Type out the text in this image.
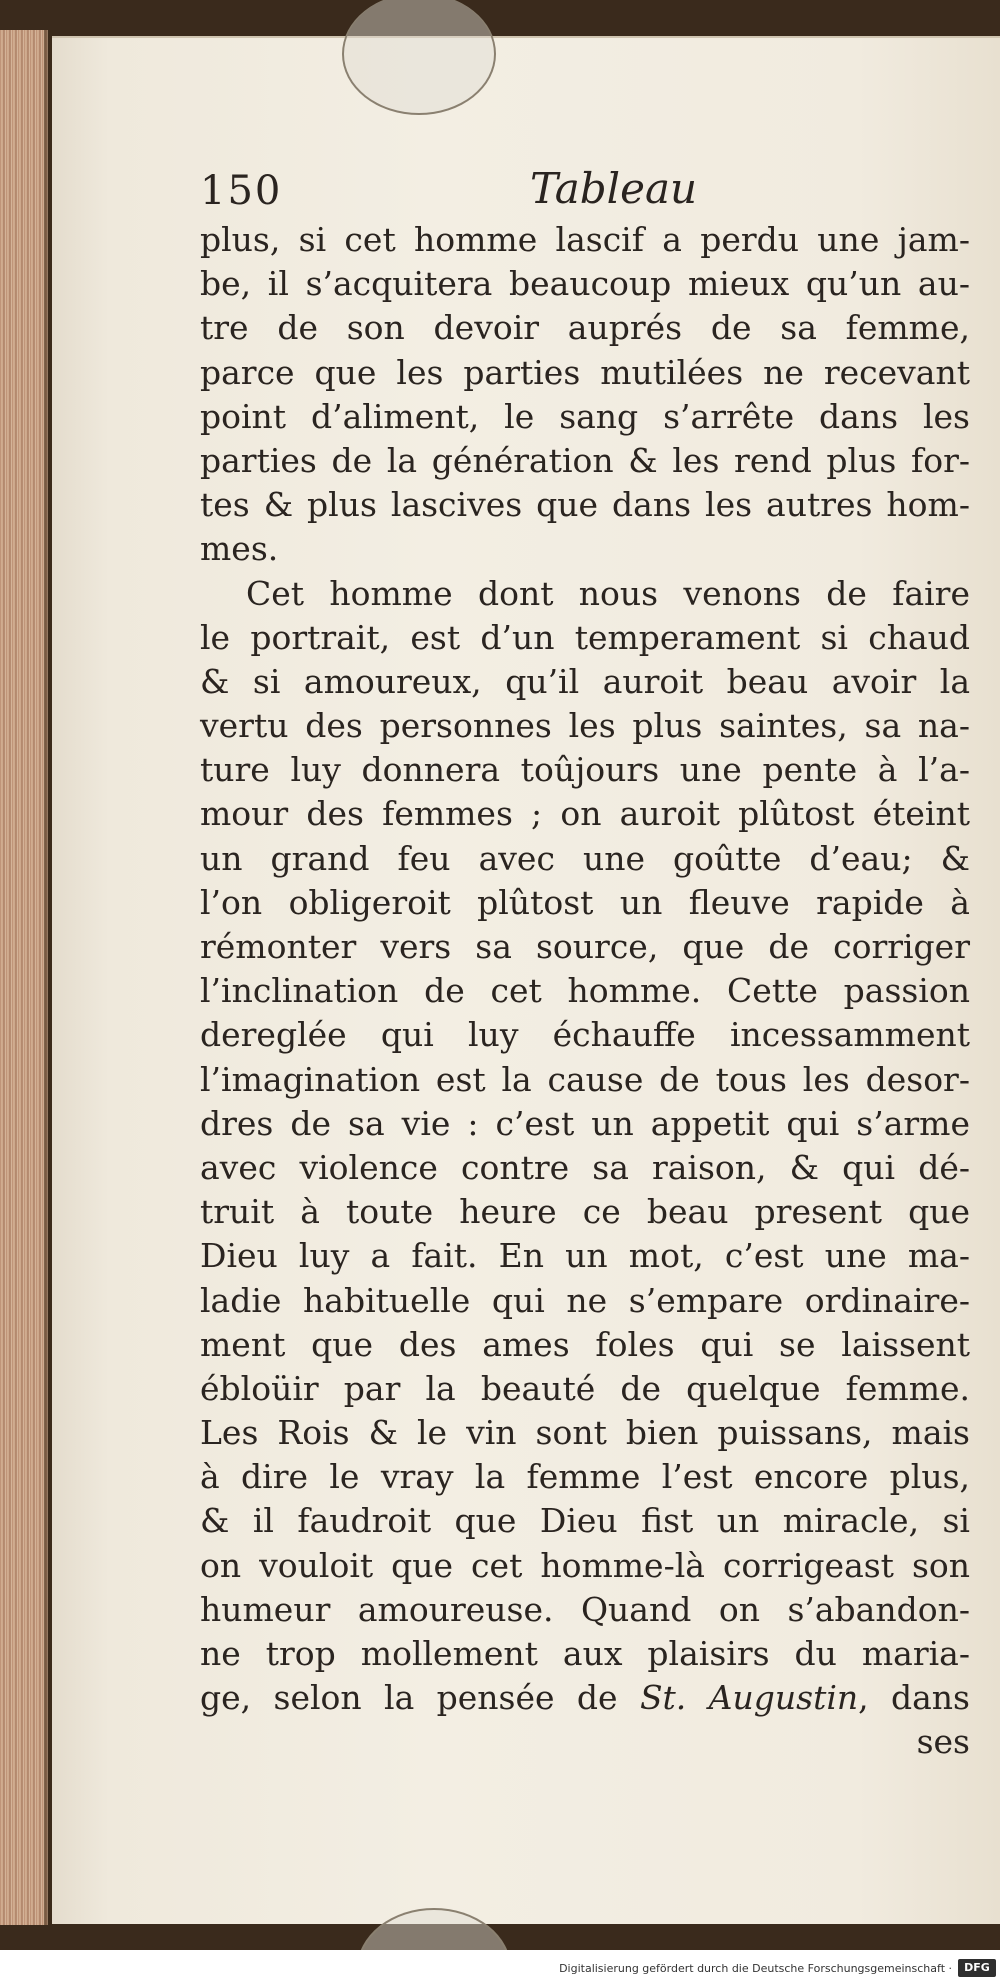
150	Tableau
plus, si cet homme lascif a perdu une jam-
be, il s’acquitera beaucoup mieux qu’un au-
tre de son devoir auprés de sa femme,
parce que les parties mutilées ne recevant
point d’aliment, le sang s’arrête dans les
parties de la génération & les rend plus for-
tes & plus lascives que dans les autres hom-
mes.
Cet homme dont nous venons de faire
le portrait, est d’un temperament si chaud
& si amoureux, qu’il auroit beau avoir la
vertu des personnes les plus saintes, sa na-
ture luy donnera toûjours une pente à l’a-
mour des femmes ; on auroit plûtost éteint
un grand feu avec une goûtte d’eau; &
l’on obligeroit plûtost un fleuve rapide à
rémonter vers sa source, que de corriger
l’inclination de cet homme. Cette passion
dereglée qui luy échauffe incessamment
l’imagination est la cause de tous les desor-
dres de sa vie : c’est un appetit qui s’arme
avec violence contre sa raison, & qui dé-
truit à toute heure ce beau present que
Dieu luy a fait. En un mot, c’est une ma-
ladie habituelle qui ne s’empare ordinaire-
ment que des ames foles qui se laissent
ébloüir par la beauté de quelque femme.
Les Rois & le vin sont bien puissans, mais
à dire le vray la femme l’est encore plus,
& il faudroit que Dieu fist un miracle, si
on vouloit que cet homme-là corrigeast son
humeur amoureuse. Quand on s’abandon-
ne trop mollement aux plaisirs du maria-
ge, selon la pensée de St. Augustin, dans
ses
Digitalisierung gefördert durch die Deutsche Forschungsgemeinschaft ·	DFG
